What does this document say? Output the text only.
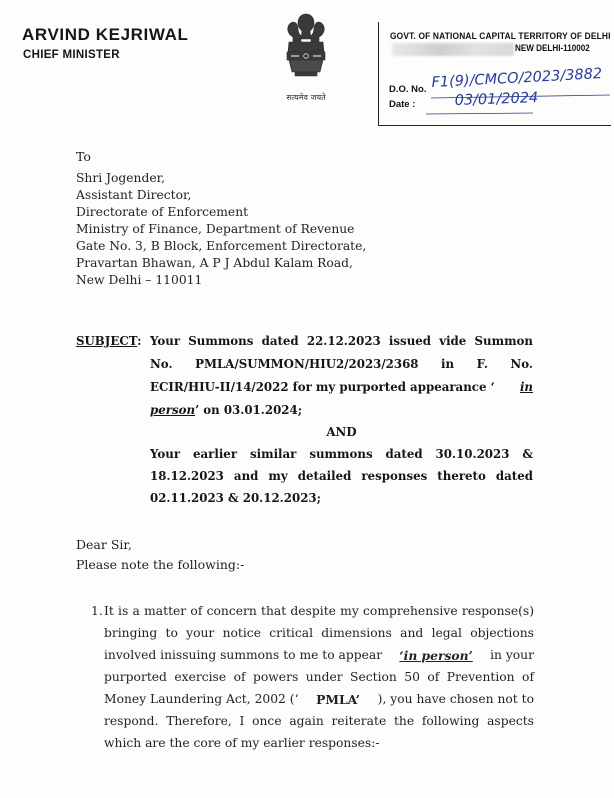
ARVIND KEJRIWAL
CHIEF MINISTER
सत्यमेव जयते
GOVT. OF NATIONAL CAPITAL TERRITORY OF DELHI
NEW DELHI-110002
D.O. No. F1(9)/CMCO/2023/3882
Date :	03/01/2024
To
Shri Jogender,
Assistant Director,
Directorate of Enforcement
Ministry of Finance, Department of Revenue
Gate No. 3, B Block, Enforcement Directorate,
Pravartan Bhawan, A P J Abdul Kalam Road,
New Delhi – 110011
SUBJECT: Your Summons dated 22.12.2023 issued vide Summon
No. PMLA/SUMMON/HIU2/2023/2368 in F. No.
ECIR/HIU-II/14/2022 for my purported appearance ‘ in
person’ on 03.01.2024;
AND
Your earlier similar summons dated 30.10.2023 &
18.12.2023 and my detailed responses thereto dated
02.11.2023 & 20.12.2023;
Dear Sir,
Please note the following:-
1. It is a matter of concern that despite my comprehensive response(s)
bringing to your notice critical dimensions and legal objections
involved inissuing summons to me to appear ‘in person’ in your
purported exercise of powers under Section 50 of Prevention of
Money Laundering Act, 2002 (‘ PMLA’ ), you have chosen not to
respond. Therefore, I once again reiterate the following aspects
which are the core of my earlier responses:-
